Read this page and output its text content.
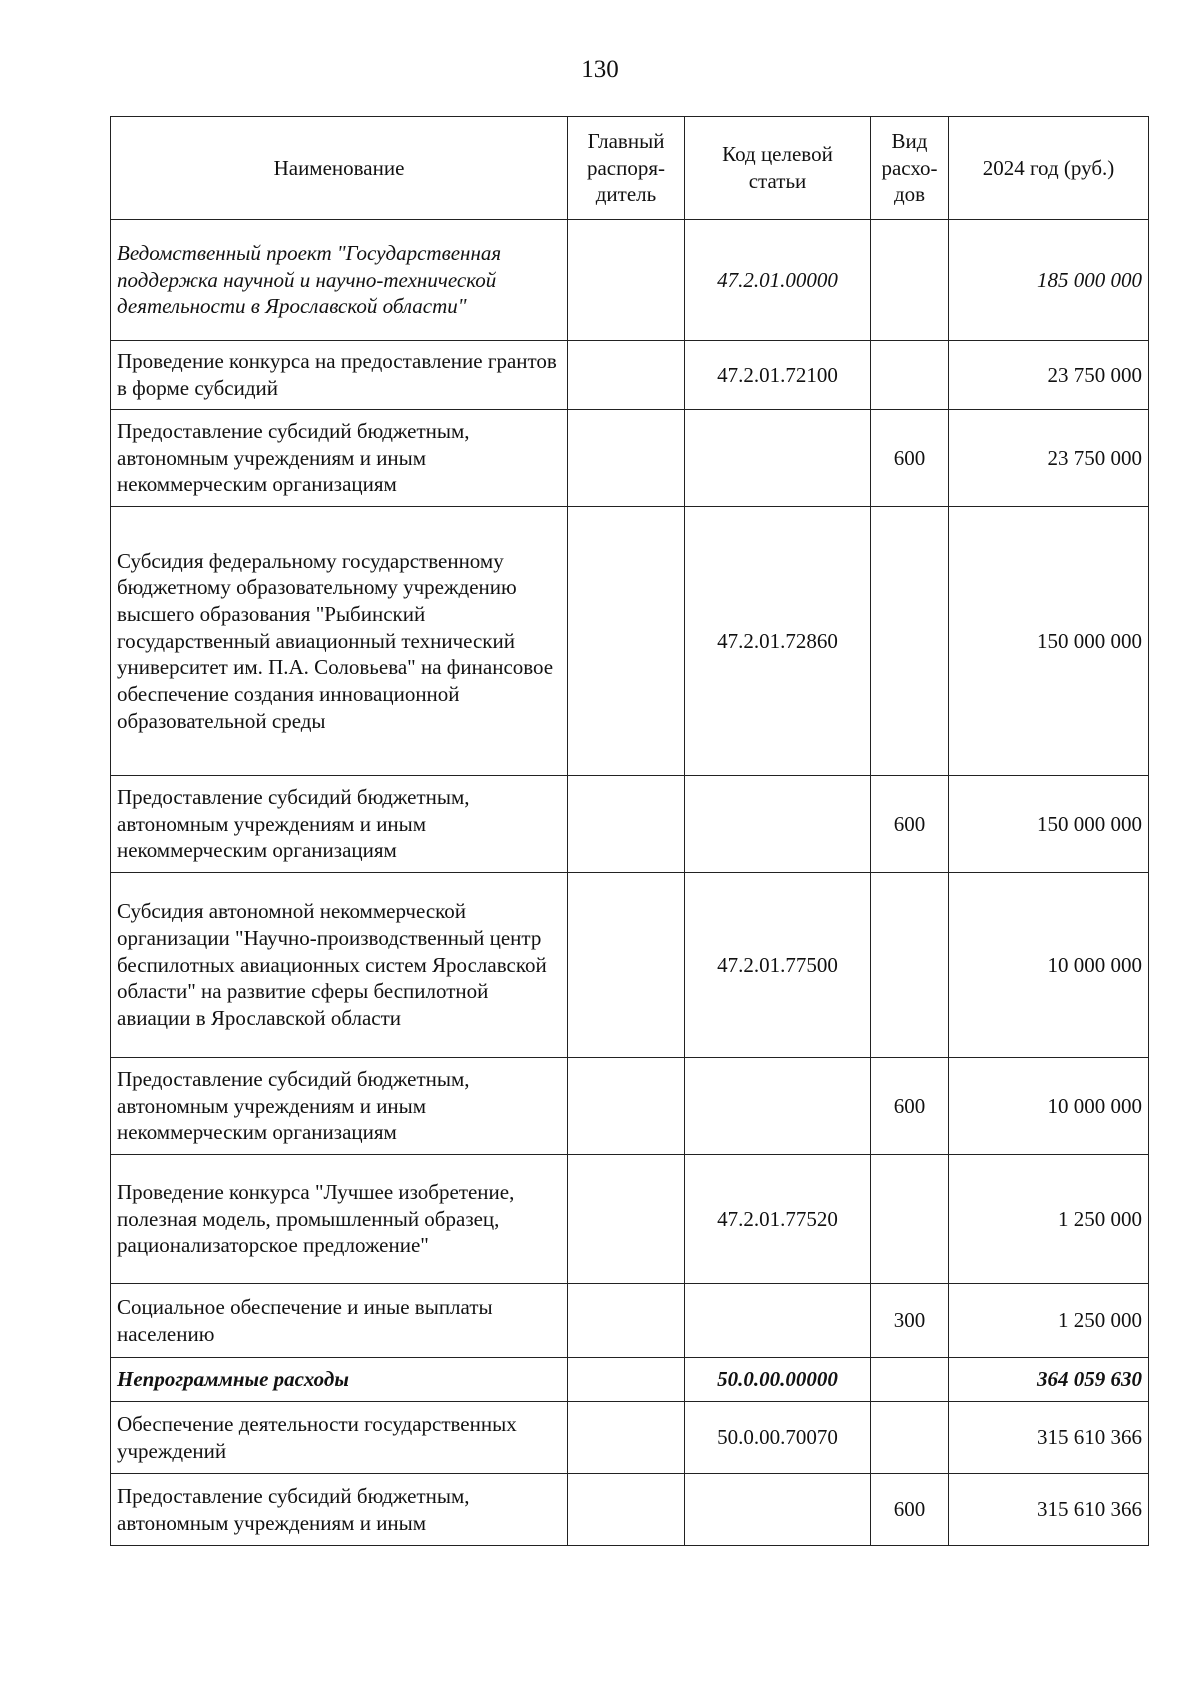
130
Наименование	Главный распоря-дитель	Код целевой статьи	Вид расхо-дов	2024 год (руб.)
Ведомственный проект "Государственная поддержка научной и научно-технической деятельности в Ярославской области"		47.2.01.00000		185 000 000
Проведение конкурса на предоставление грантов в форме субсидий		47.2.01.72100		23 750 000
Предоставление субсидий бюджетным, автономным учреждениям и иным некоммерческим организациям			600	23 750 000
Субсидия федеральному государственному бюджетному образовательному учреждению высшего образования "Рыбинский государственный авиационный технический университет им. П.А. Соловьева" на финансовое обеспечение создания инновационной образовательной среды		47.2.01.72860		150 000 000
Предоставление субсидий бюджетным, автономным учреждениям и иным некоммерческим организациям			600	150 000 000
Субсидия автономной некоммерческой организации "Научно-производственный центр беспилотных авиационных систем Ярославской области" на развитие сферы беспилотной авиации в Ярославской области		47.2.01.77500		10 000 000
Предоставление субсидий бюджетным, автономным учреждениям и иным некоммерческим организациям			600	10 000 000
Проведение конкурса "Лучшее изобретение, полезная модель, промышленный образец, рационализаторское предложение"		47.2.01.77520		1 250 000
Социальное обеспечение и иные выплаты населению			300	1 250 000
Непрограммные расходы		50.0.00.00000		364 059 630
Обеспечение деятельности государственных учреждений		50.0.00.70070		315 610 366
Предоставление субсидий бюджетным, автономным учреждениям и иным			600	315 610 366
